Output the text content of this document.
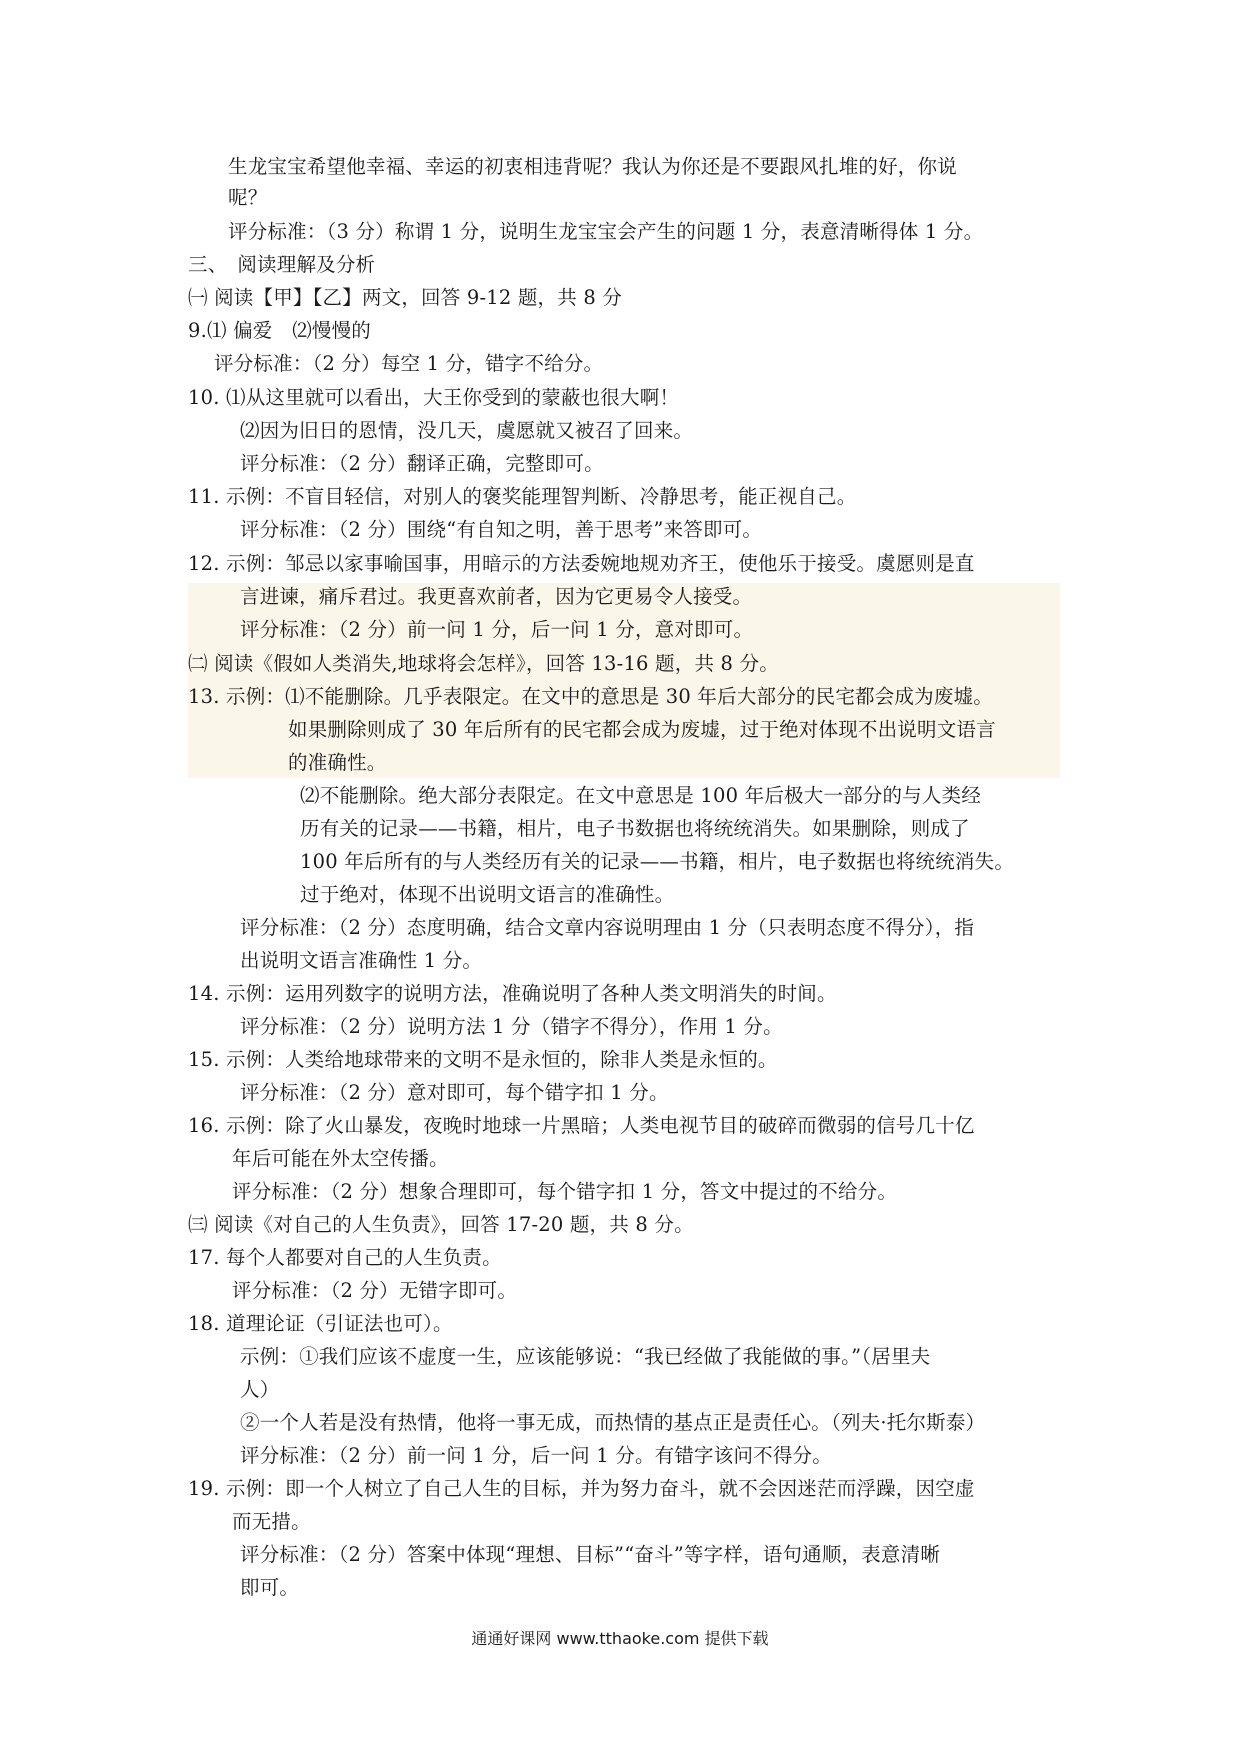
生龙宝宝希望他幸福、幸运的初衷相违背呢？我认为你还是不要跟风扎堆的好，你说
呢？
评分标准：（3 分）称谓 1 分，说明生龙宝宝会产生的问题 1 分，表意清晰得体 1 分。
三、　阅读理解及分析
㈠ 阅读【甲】【乙】两文，回答 9-12 题，共 8 分
9.⑴ 偏爱　⑵慢慢的
评分标准：（2 分）每空 1 分，错字不给分。
10. ⑴从这里就可以看出，大王你受到的蒙蔽也很大啊！
⑵因为旧日的恩情，没几天，虞愿就又被召了回来。
评分标准：（2 分）翻译正确，完整即可。
11. 示例：不盲目轻信，对别人的褒奖能理智判断、冷静思考，能正视自己。
评分标准：（2 分）围绕“有自知之明，善于思考”来答即可。
12. 示例：邹忌以家事喻国事，用暗示的方法委婉地规劝齐王，使他乐于接受。虞愿则是直
言进谏，痛斥君过。我更喜欢前者，因为它更易令人接受。
评分标准：（2 分）前一问 1 分，后一问 1 分，意对即可。
㈡ 阅读《假如人类消失,地球将会怎样》，回答 13-16 题，共 8 分。
13. 示例：⑴不能删除。几乎表限定。在文中的意思是 30 年后大部分的民宅都会成为废墟。
如果删除则成了 30 年后所有的民宅都会成为废墟，过于绝对体现不出说明文语言
的准确性。
⑵不能删除。绝大部分表限定。在文中意思是 100 年后极大一部分的与人类经
历有关的记录——书籍，相片，电子书数据也将统统消失。如果删除，则成了
100 年后所有的与人类经历有关的记录——书籍，相片，电子数据也将统统消失。
过于绝对，体现不出说明文语言的准确性。
评分标准：（2 分）态度明确，结合文章内容说明理由 1 分（只表明态度不得分），指
出说明文语言准确性 1 分。
14. 示例：运用列数字的说明方法，准确说明了各种人类文明消失的时间。
评分标准：（2 分）说明方法 1 分（错字不得分），作用 1 分。
15. 示例：人类给地球带来的文明不是永恒的，除非人类是永恒的。
评分标准：（2 分）意对即可，每个错字扣 1 分。
16. 示例：除了火山暴发，夜晚时地球一片黑暗；人类电视节目的破碎而微弱的信号几十亿
年后可能在外太空传播。
评分标准：（2 分）想象合理即可，每个错字扣 1 分，答文中提过的不给分。
㈢ 阅读《对自己的人生负责》，回答 17-20 题，共 8 分。
17. 每个人都要对自己的人生负责。
评分标准：（2 分）无错字即可。
18. 道理论证（引证法也可）。
示例：①我们应该不虚度一生，应该能够说：“我已经做了我能做的事。”（居里夫
人）
②一个人若是没有热情，他将一事无成，而热情的基点正是责任心。（列夫·托尔斯泰）
评分标准：（2 分）前一问 1 分，后一问 1 分。有错字该问不得分。
19. 示例：即一个人树立了自己人生的目标，并为努力奋斗，就不会因迷茫而浮躁，因空虚
而无措。
评分标准：（2 分）答案中体现“理想、目标”“奋斗”等字样，语句通顺，表意清晰
即可。
通通好课网 www.tthaoke.com 提供下载
